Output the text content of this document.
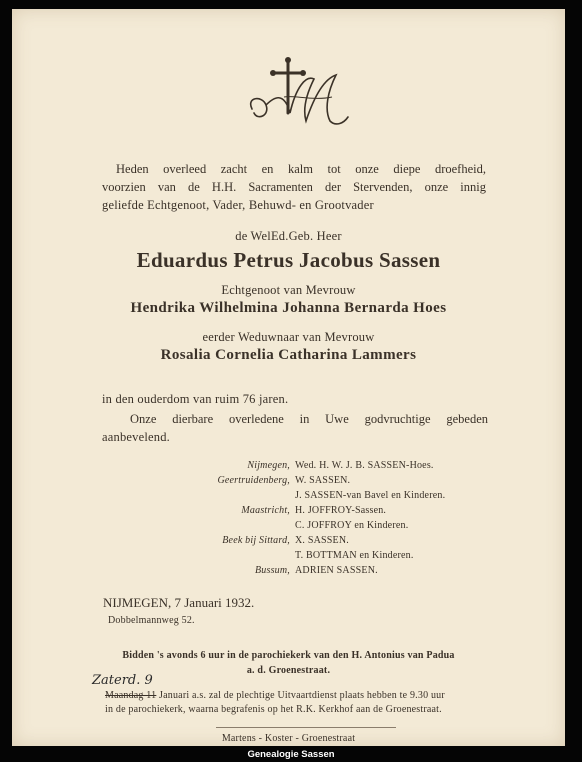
Heden overleed zacht en kalm tot onze diepe droefheid,
voorzien van de H.H. Sacramenten der Stervenden, onze innig
geliefde Echtgenoot, Vader, Behuwd- en Grootvader
de WelEd.Geb. Heer
Eduardus Petrus Jacobus Sassen
Echtgenoot van Mevrouw
Hendrika Wilhelmina Johanna Bernarda Hoes
eerder Weduwnaar van Mevrouw
Rosalia Cornelia Catharina Lammers
in den ouderdom van ruim 76 jaren.
Onze dierbare overledene in Uwe godvruchtige gebeden
aanbevelend.
Nijmegen, Wed. H. W. J. B. SASSEN-Hoes.
Geertruidenberg, W. SASSEN.
J. SASSEN-van Bavel en Kinderen.
Maastricht, H. JOFFROY-Sassen.
C. JOFFROY en Kinderen.
Beek bij Sittard, X. SASSEN.
T. BOTTMAN en Kinderen.
Bussum, ADRIEN SASSEN.
NIJMEGEN, 7 Januari 1932.
Dobbelmannweg 52.
Bidden 's avonds 6 uur in de parochiekerk van den H. Antonius van Padua
a. d. Groenestraat.
Zaterd. 9
Maandag 11 Januari a.s. zal de plechtige Uitvaartdienst plaats hebben te 9.30 uur
in de parochiekerk, waarna begrafenis op het R.K. Kerkhof aan de Groenestraat.
Martens - Koster - Groenestraat
Genealogie Sassen
